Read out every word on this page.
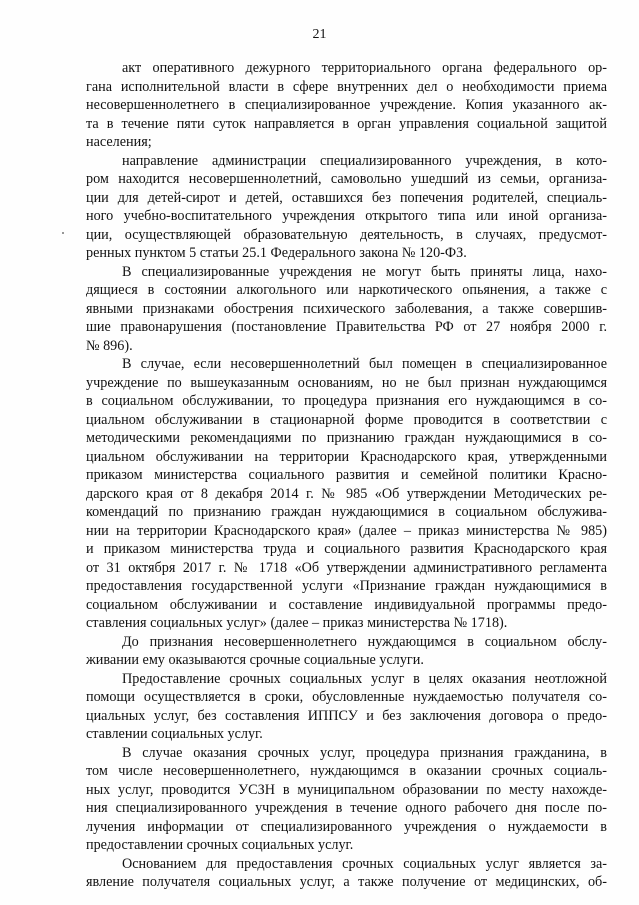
21
акт оперативного дежурного территориального органа федерального ор-
гана исполнительной власти в сфере внутренних дел о необходимости приема
несовершеннолетнего в специализированное учреждение. Копия указанного ак-
та в течение пяти суток направляется в орган управления социальной защитой
населения;
направление администрации специализированного учреждения, в кото-
ром находится несовершеннолетний, самовольно ушедший из семьи, организа-
ции для детей-сирот и детей, оставшихся без попечения родителей, специаль-
ного учебно-воспитательного учреждения открытого типа или иной организа-
ции, осуществляющей образовательную деятельность, в случаях, предусмот-
ренных пунктом 5 статьи 25.1 Федерального закона № 120-ФЗ.
В специализированные учреждения не могут быть приняты лица, нахо-
дящиеся в состоянии алкогольного или наркотического опьянения, а также с
явными признаками обострения психического заболевания, а также совершив-
шие правонарушения (постановление Правительства РФ от 27 ноября 2000 г.
№ 896).
В случае, если несовершеннолетний был помещен в специализированное
учреждение по вышеуказанным основаниям, но не был признан нуждающимся
в социальном обслуживании, то процедура признания его нуждающимся в со-
циальном обслуживании в стационарной форме проводится в соответствии с
методическими рекомендациями по признанию граждан нуждающимися в со-
циальном обслуживании на территории Краснодарского края, утвержденными
приказом министерства социального развития и семейной политики Красно-
дарского края от 8 декабря 2014 г. № 985 «Об утверждении Методических ре-
комендаций по признанию граждан нуждающимися в социальном обслужива-
нии на территории Краснодарского края» (далее – приказ министерства № 985)
и приказом министерства труда и социального развития Краснодарского края
от 31 октября 2017 г. № 1718 «Об утверждении административного регламента
предоставления государственной услуги «Признание граждан нуждающимися в
социальном обслуживании и составление индивидуальной программы предо-
ставления социальных услуг» (далее – приказ министерства № 1718).
До признания несовершеннолетнего нуждающимся в социальном обслу-
живании ему оказываются срочные социальные услуги.
Предоставление срочных социальных услуг в целях оказания неотложной
помощи осуществляется в сроки, обусловленные нуждаемостью получателя со-
циальных услуг, без составления ИППСУ и без заключения договора о предо-
ставлении социальных услуг.
В случае оказания срочных услуг, процедура признания гражданина, в
том числе несовершеннолетнего, нуждающимся в оказании срочных социаль-
ных услуг, проводится УСЗН в муниципальном образовании по месту нахожде-
ния специализированного учреждения в течение одного рабочего дня после по-
лучения информации от специализированного учреждения о нуждаемости в
предоставлении срочных социальных услуг.
Основанием для предоставления срочных социальных услуг является за-
явление получателя социальных услуг, а также получение от медицинских, об-
